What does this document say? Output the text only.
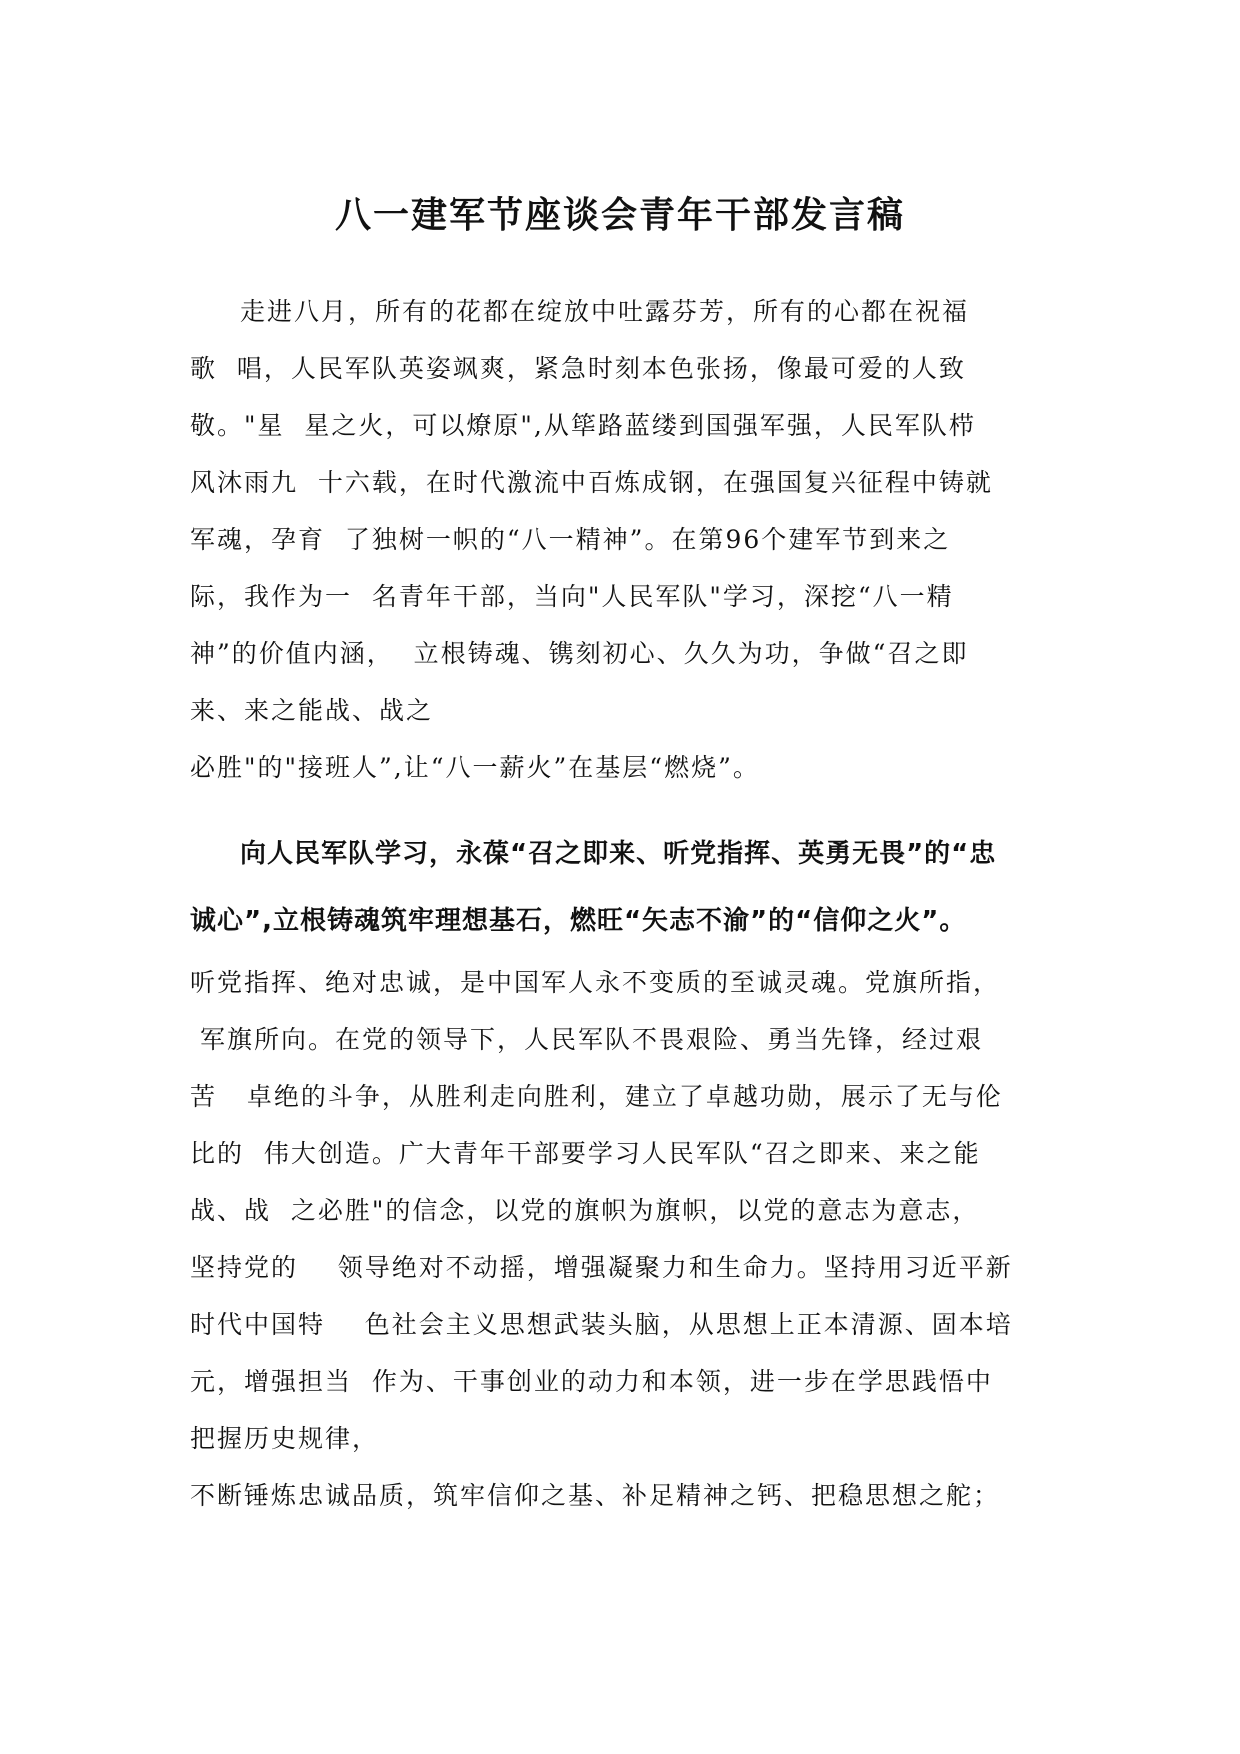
八一建军节座谈会青年干部发言稿
走进八月，所有的花都在绽放中吐露芬芳，所有的心都在祝福
歌  唱，人民军队英姿飒爽，紧急时刻本色张扬，像最可爱的人致
敬。"星  星之火，可以燎原",从筚路蓝缕到国强军强，人民军队栉
风沐雨九  十六载，在时代激流中百炼成钢，在强国复兴征程中铸就
军魂，孕育  了独树一帜的“八一精神”。在第96个建军节到来之
际，我作为一  名青年干部，当向"人民军队"学习，深挖“八一精
神”的价值内涵，  立根铸魂、镌刻初心、久久为功，争做“召之即
来、来之能战、战之
必胜"的"接班人”,让“八一薪火”在基层“燃烧”。
向人民军队学习，永葆“召之即来、听党指挥、英勇无畏”的“忠
诚心”,立根铸魂筑牢理想基石，燃旺“矢志不渝”的“信仰之火”。
听党指挥、绝对忠诚，是中国军人永不变质的至诚灵魂。党旗所指，
军旗所向。在党的领导下，人民军队不畏艰险、勇当先锋，经过艰
苦   卓绝的斗争，从胜利走向胜利，建立了卓越功勋，展示了无与伦
比的  伟大创造。广大青年干部要学习人民军队“召之即来、来之能
战、战  之必胜"的信念，以党的旗帜为旗帜，以党的意志为意志，
坚持党的    领导绝对不动摇，增强凝聚力和生命力。坚持用习近平新
时代中国特    色社会主义思想武装头脑，从思想上正本清源、固本培
元，增强担当  作为、干事创业的动力和本领，进一步在学思践悟中
把握历史规律，
不断锤炼忠诚品质，筑牢信仰之基、补足精神之钙、把稳思想之舵；
